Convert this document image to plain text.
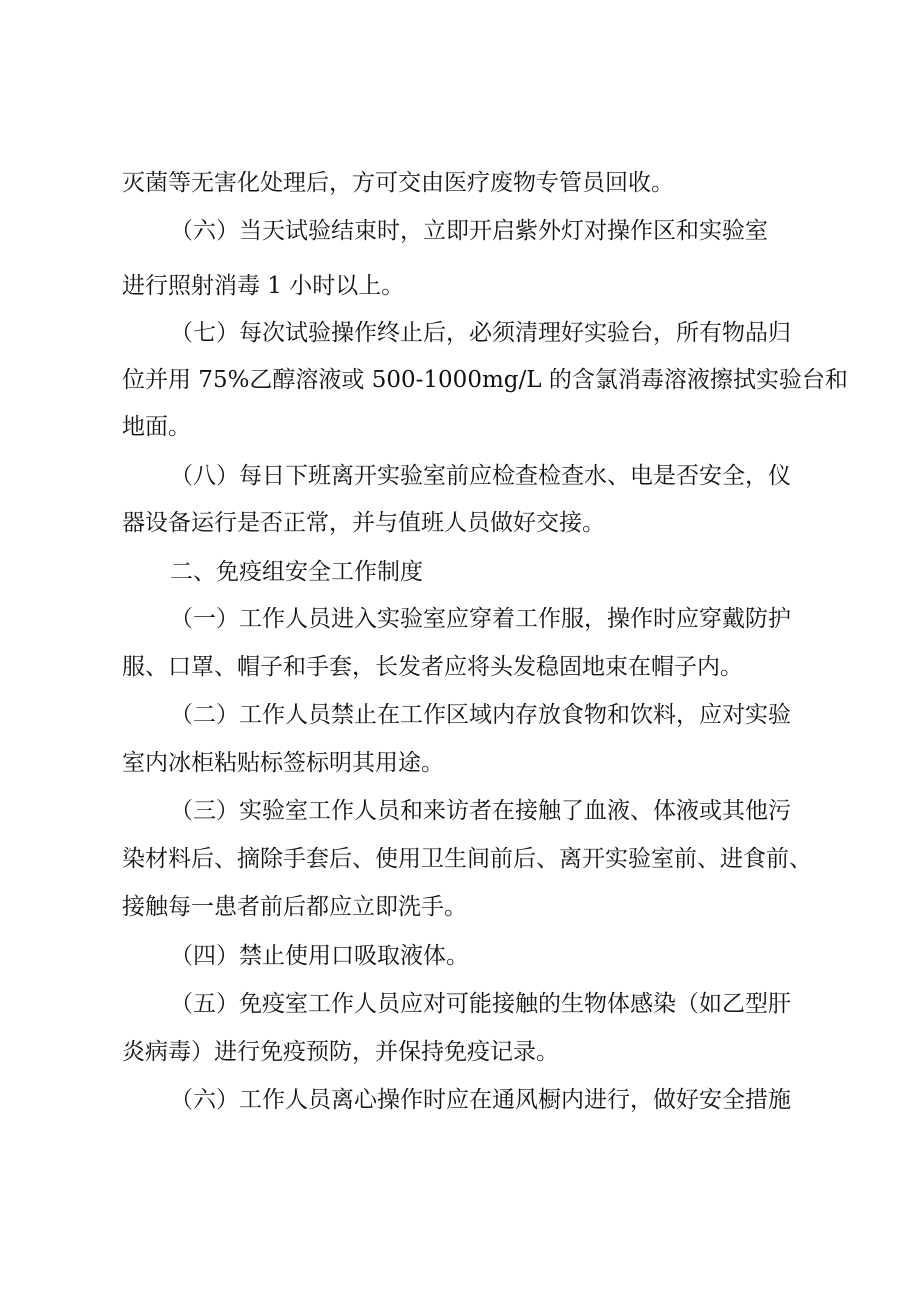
灭菌等无害化处理后，方可交由医疗废物专管员回收。
（六）当天试验结束时，立即开启紫外灯对操作区和实验室
进行照射消毒 1 小时以上。
（七）每次试验操作终止后，必须清理好实验台，所有物品归
位并用 75%乙醇溶液或 500-1000mg/L 的含氯消毒溶液擦拭实验台和
地面。
（八）每日下班离开实验室前应检查检查水、电是否安全，仪
器设备运行是否正常，并与值班人员做好交接。
二、免疫组安全工作制度
（一）工作人员进入实验室应穿着工作服，操作时应穿戴防护
服、口罩、帽子和手套，长发者应将头发稳固地束在帽子内。
（二）工作人员禁止在工作区域内存放食物和饮料，应对实验
室内冰柜粘贴标签标明其用途。
（三）实验室工作人员和来访者在接触了血液、体液或其他污
染材料后、摘除手套后、使用卫生间前后、离开实验室前、进食前、
接触每一患者前后都应立即洗手。
（四）禁止使用口吸取液体。
（五）免疫室工作人员应对可能接触的生物体感染（如乙型肝
炎病毒）进行免疫预防，并保持免疫记录。
（六）工作人员离心操作时应在通风橱内进行，做好安全措施
